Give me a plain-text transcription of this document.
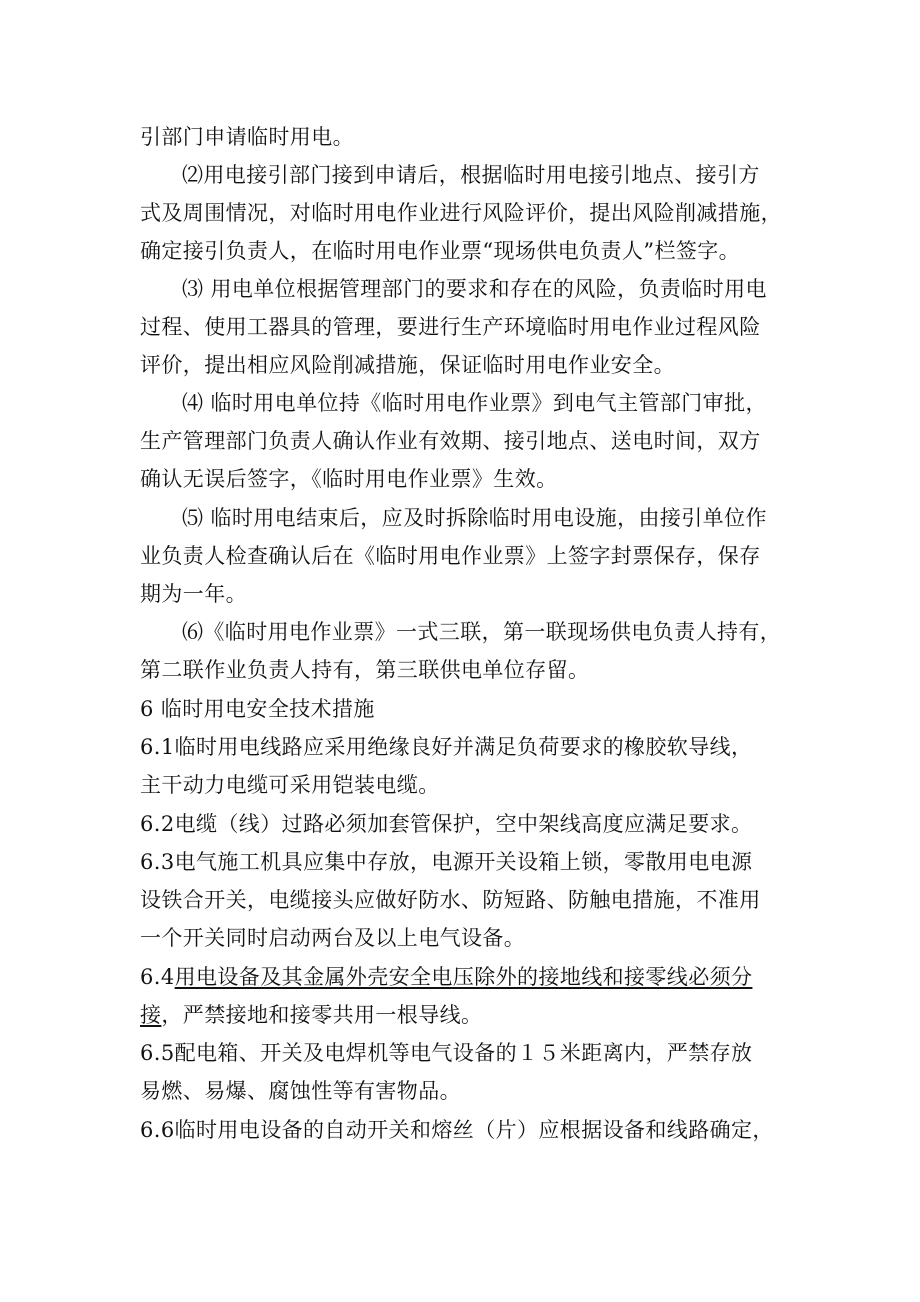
引部门申请临时用电。
⑵用电接引部门接到申请后，根据临时用电接引地点、接引方
式及周围情况，对临时用电作业进行风险评价，提出风险削减措施，
确定接引负责人，在临时用电作业票“现场供电负责人”栏签字。
⑶ 用电单位根据管理部门的要求和存在的风险，负责临时用电
过程、使用工器具的管理，要进行生产环境临时用电作业过程风险
评价，提出相应风险削减措施，保证临时用电作业安全。
⑷ 临时用电单位持《临时用电作业票》到电气主管部门审批，
生产管理部门负责人确认作业有效期、接引地点、送电时间，双方
确认无误后签字，《临时用电作业票》生效。
⑸ 临时用电结束后，应及时拆除临时用电设施，由接引单位作
业负责人检查确认后在《临时用电作业票》上签字封票保存，保存
期为一年。
⑹《临时用电作业票》一式三联，第一联现场供电负责人持有，
第二联作业负责人持有，第三联供电单位存留。
6 临时用电安全技术措施
6.1临时用电线路应采用绝缘良好并满足负荷要求的橡胶软导线，
主干动力电缆可采用铠装电缆。
6.2电缆（线）过路必须加套管保护，空中架线高度应满足要求。
6.3电气施工机具应集中存放，电源开关设箱上锁，零散用电电源
设铁合开关，电缆接头应做好防水、防短路、防触电措施，不准用
一个开关同时启动两台及以上电气设备。
6.4用电设备及其金属外壳安全电压除外的接地线和接零线必须分
接，严禁接地和接零共用一根导线。
6.5配电箱、开关及电焊机等电气设备的１５米距离内，严禁存放
易燃、易爆、腐蚀性等有害物品。
6.6临时用电设备的自动开关和熔丝（片）应根据设备和线路确定，
